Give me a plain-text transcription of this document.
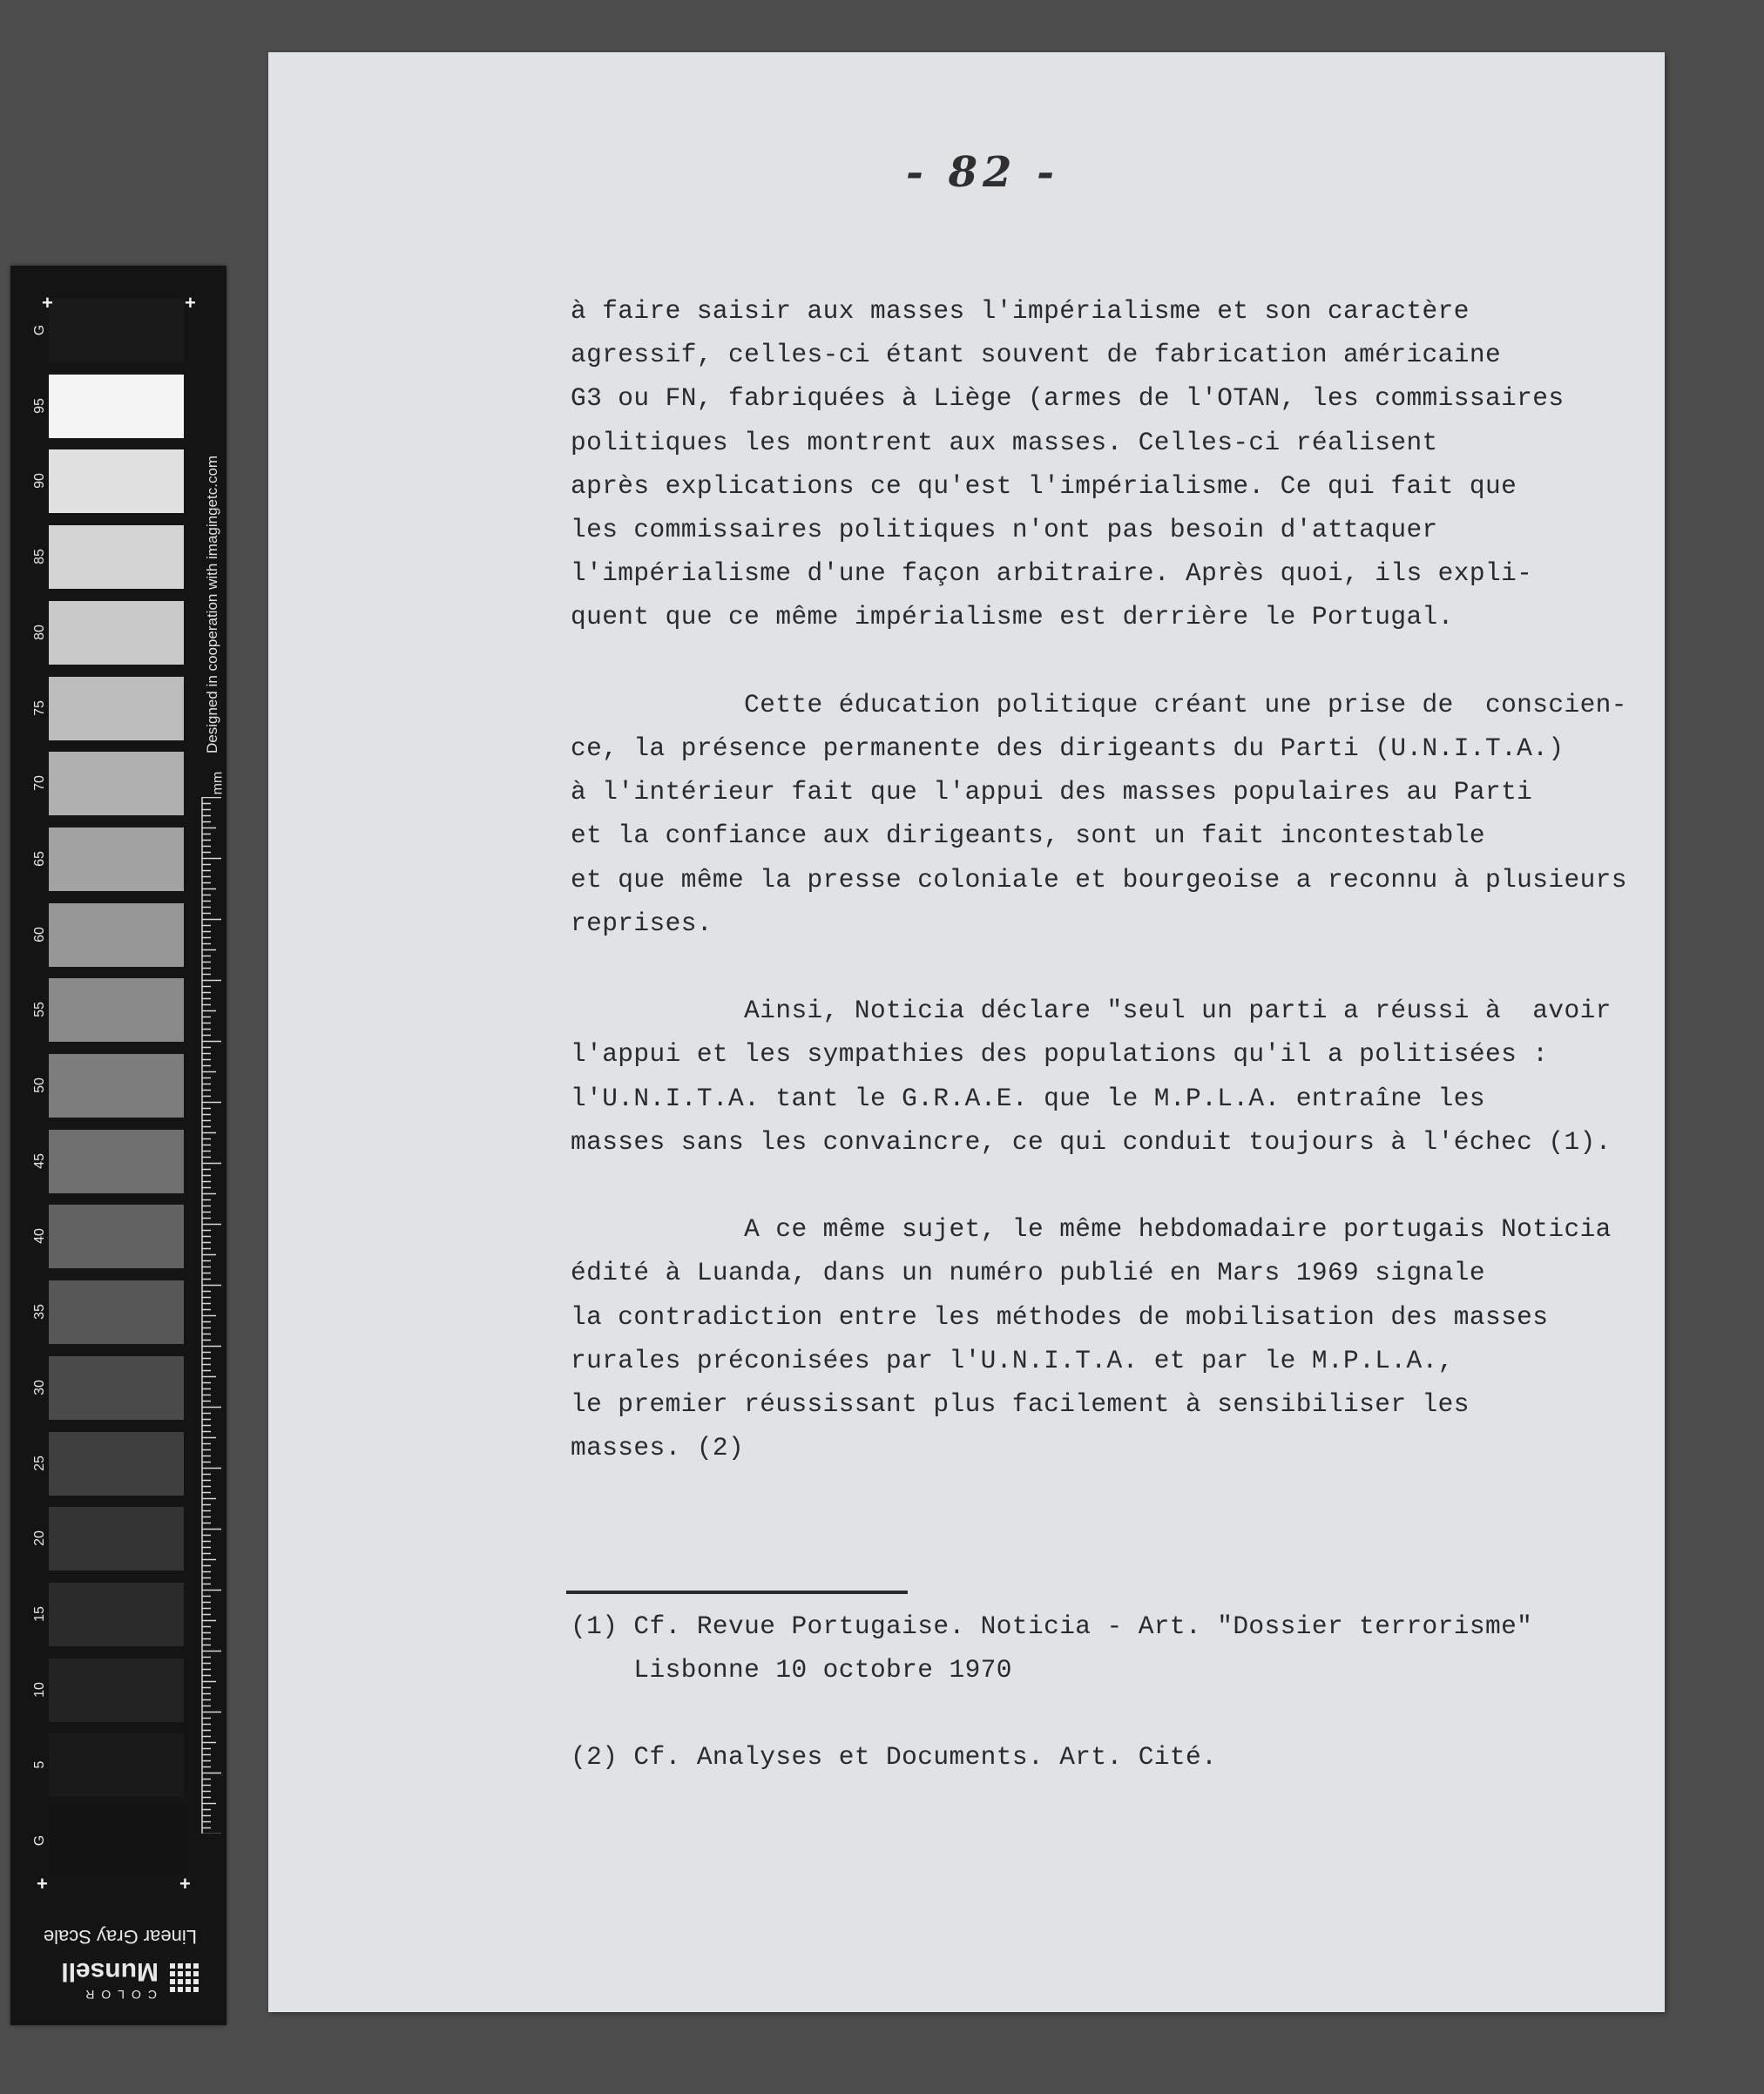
G
95
90
85
80
75
70
65
60
55
50
45
40
35
30
25
20
15
10
5
G
+	+
+	+
Designed in cooperation with imagingetc.com
mm
COLOR
Munsell
Linear Gray Scale
- 82 -
à faire saisir aux masses l'impérialisme et son caractère
agressif, celles-ci étant souvent de fabrication américaine
G3 ou FN, fabriquées à Liège (armes de l'OTAN, les commissaires
politiques les montrent aux masses. Celles-ci réalisent
après explications ce qu'est l'impérialisme. Ce qui fait que
les commissaires politiques n'ont pas besoin d'attaquer
l'impérialisme d'une façon arbitraire. Après quoi, ils expli-
quent que ce même impérialisme est derrière le Portugal.
Cette éducation politique créant une prise de  conscien-
ce, la présence permanente des dirigeants du Parti (U.N.I.T.A.)
à l'intérieur fait que l'appui des masses populaires au Parti
et la confiance aux dirigeants, sont un fait incontestable
et que même la presse coloniale et bourgeoise a reconnu à plusieurs
reprises.
Ainsi, Noticia déclare "seul un parti a réussi à  avoir
l'appui et les sympathies des populations qu'il a politisées :
l'U.N.I.T.A. tant le G.R.A.E. que le M.P.L.A. entraîne les
masses sans les convaincre, ce qui conduit toujours à l'échec (1).
A ce même sujet, le même hebdomadaire portugais Noticia
édité à Luanda, dans un numéro publié en Mars 1969 signale
la contradiction entre les méthodes de mobilisation des masses
rurales préconisées par l'U.N.I.T.A. et par le M.P.L.A.,
le premier réussissant plus facilement à sensibiliser les
masses. (2)
(1) Cf. Revue Portugaise. Noticia - Art. "Dossier terrorisme"
Lisbonne 10 octobre 1970
(2) Cf. Analyses et Documents. Art. Cité.
